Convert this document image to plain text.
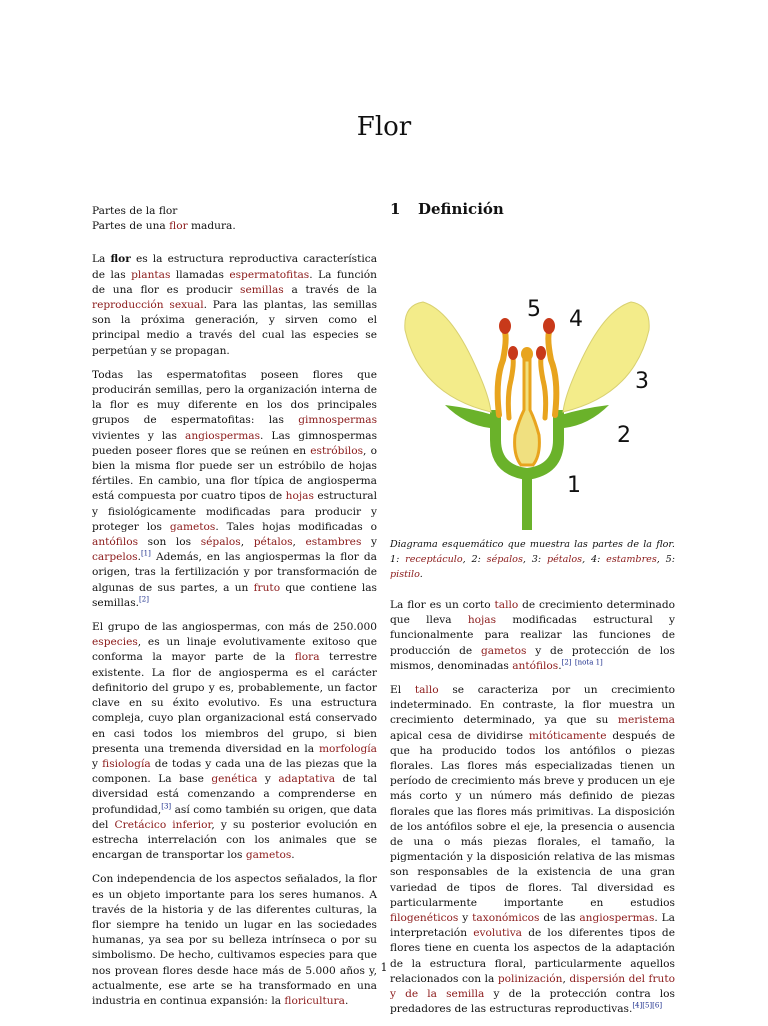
Flor
1 Definición

Partes de la flor
Partes de una flor madura.

La flor es la estructura reproductiva característica de las plantas llamadas espermatofitas. La función de una flor es producir semillas a través de la reproducción sexual. Para las plantas, las semillas son la próxima generación, y sirven como el principal medio a través del cual las especies se perpetúan y se propagan.

Todas las espermatofitas poseen flores que producirán semillas, pero la organización interna de la flor es muy diferente en los dos principales grupos de espermatofitas: las gimnospermas vivientes y las angiospermas. Las gimnospermas pueden poseer flores que se reúnen en estróbilos, o bien la misma flor puede ser un estróbilo de hojas fértiles. En cambio, una flor típica de angiosperma está compuesta por cuatro tipos de hojas estructural y fisiológicamente modificadas para producir y proteger los gametos. Tales hojas modificadas o antófilos son los sépalos, pétalos, estambres y carpelos.[1] Además, en las angiospermas la flor da origen, tras la fertilización y por transformación de algunas de sus partes, a un fruto que contiene las semillas.[2]

El grupo de las angiospermas, con más de 250.000 especies, es un linaje evolutivamente exitoso que conforma la mayor parte de la flora terrestre existente. La flor de angiosperma es el carácter definitorio del grupo y es, probablemente, un factor clave en su éxito evolutivo. Es una estructura compleja, cuyo plan organizacional está conservado en casi todos los miembros del grupo, si bien presenta una tremenda diversidad en la morfología y fisiología de todas y cada una de las piezas que la componen. La base genética y adaptativa de tal diversidad está comenzando a comprenderse en profundidad,[3] así como también su origen, que data del Cretácico inferior, y su posterior evolución en estrecha interrelación con los animales que se encargan de transportar los gametos.

Con independencia de los aspectos señalados, la flor es un objeto importante para los seres humanos. A través de la historia y de las diferentes culturas, la flor siempre ha tenido un lugar en las sociedades humanas, ya sea por su belleza intrínseca o por su simbolismo. De hecho, cultivamos especies para que nos provean flores desde hace más de 5.000 años y, actualmente, ese arte se ha transformado en una industria en continua expansión: la floricultura.

5 4
3
2
1
Diagrama esquemático que muestra las partes de la flor. 1: receptáculo, 2: sépalos, 3: pétalos, 4: estambres, 5: pistilo.

La flor es un corto tallo de crecimiento determinado que lleva hojas modificadas estructural y funcionalmente para realizar las funciones de producción de gametos y de protección de los mismos, denominadas antófilos.[2] [nota 1]

El tallo se caracteriza por un crecimiento indeterminado. En contraste, la flor muestra un crecimiento determinado, ya que su meristema apical cesa de dividirse mitóticamente después de que ha producido todos los antófilos o piezas florales. Las flores más especializadas tienen un período de crecimiento más breve y producen un eje más corto y un número más definido de piezas florales que las flores más primitivas. La disposición de los antófilos sobre el eje, la presencia o ausencia de una o más piezas florales, el tamaño, la pigmentación y la disposición relativa de las mismas son responsables de la existencia de una gran variedad de tipos de flores. Tal diversidad es particularmente importante en estudios filogenéticos y taxonómicos de las angiospermas. La interpretación evolutiva de los diferentes tipos de flores tiene en cuenta los aspectos de la adaptación de la estructura floral, particularmente aquellos relacionados con la polinización, dispersión del fruto y de la semilla y de la protección contra los predadores de las estructuras reproductivas.[4][5][6]

1
